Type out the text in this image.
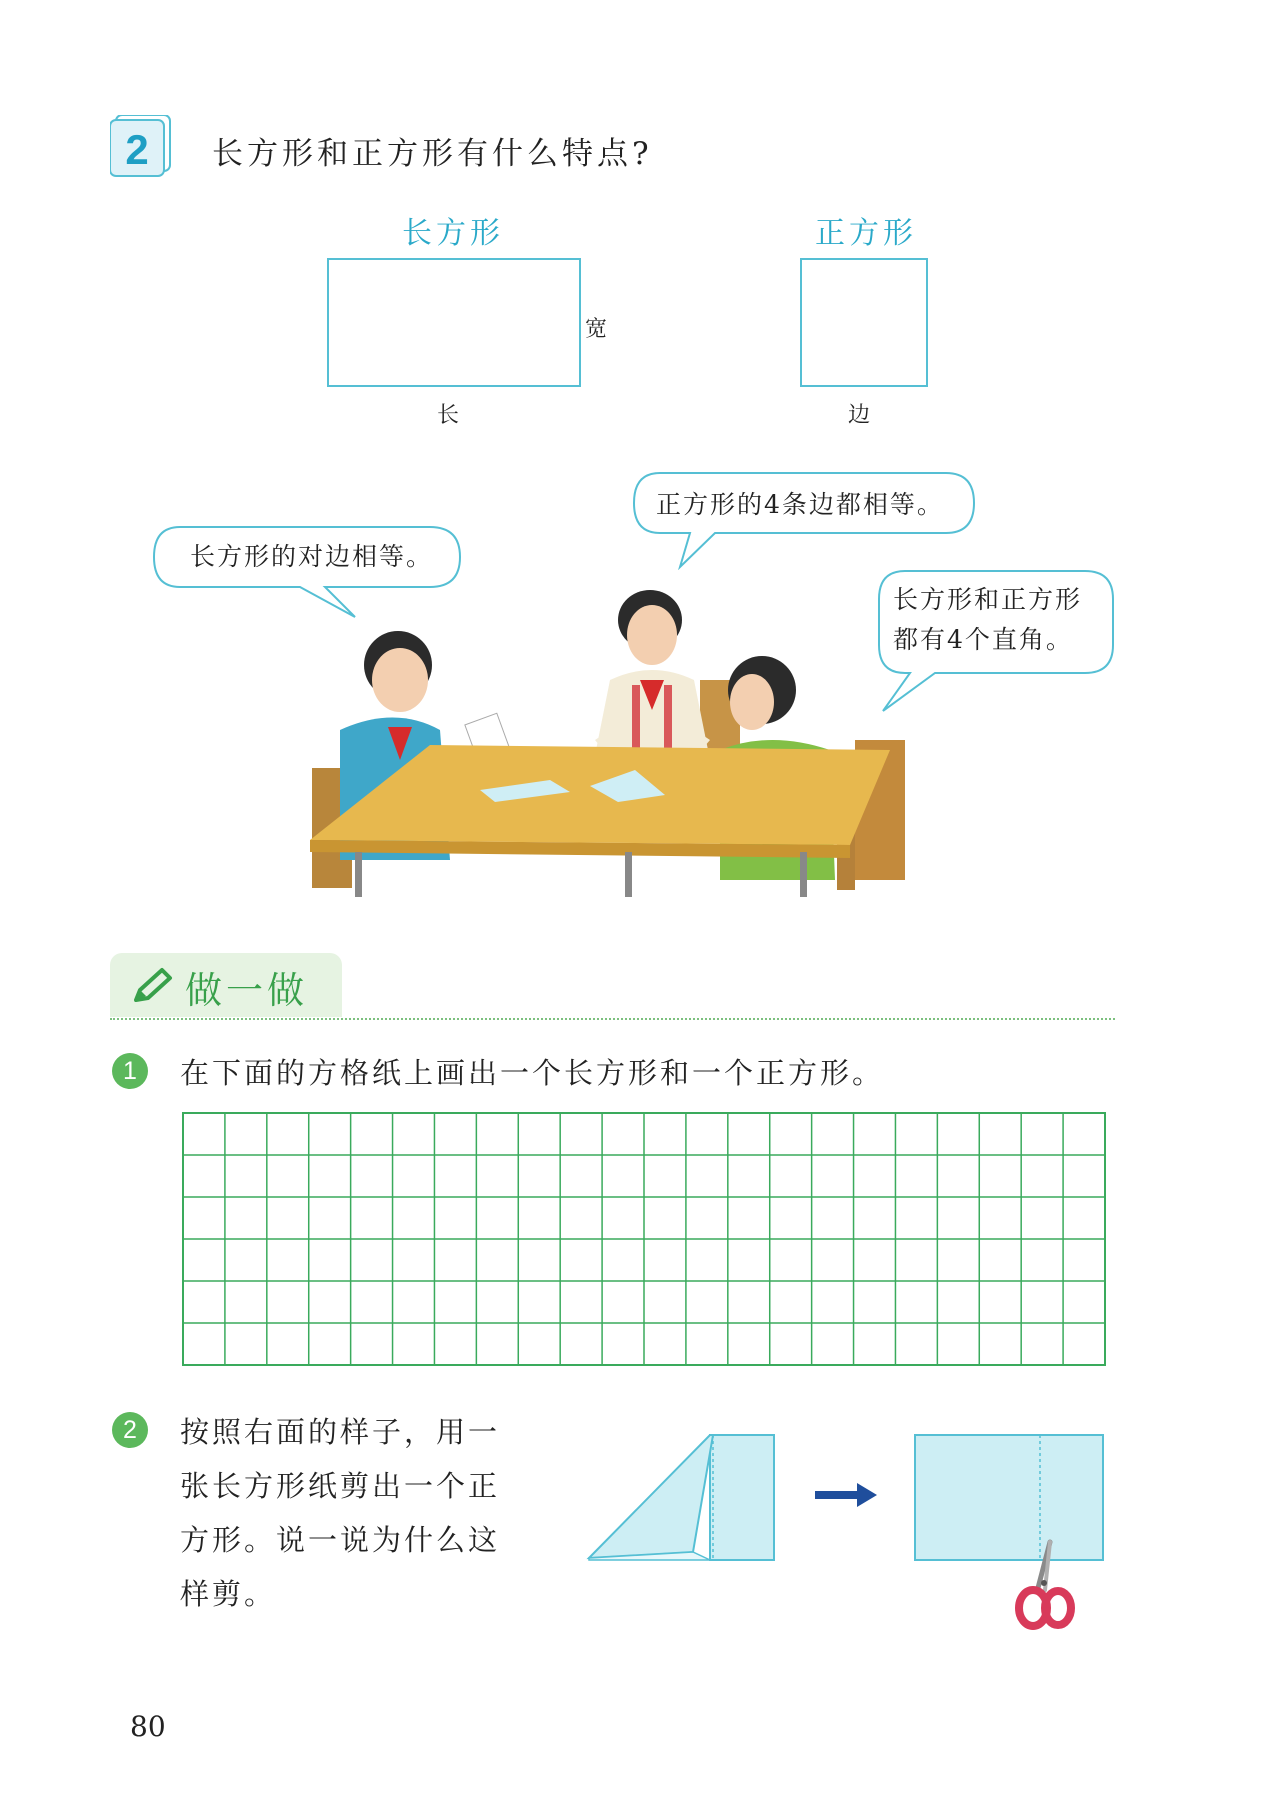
2 长方形和正方形有什么特点?
长方形	正方形
宽
长	边
长方形的对边相等。
正方形的4条边都相等。
长方形和正方形
都有4个直角。
做一做
1	在下面的方格纸上画出一个长方形和一个正方形。
2	按照右面的样子，用一张长方形纸剪出一个正方形。说一说为什么这样剪。
80
